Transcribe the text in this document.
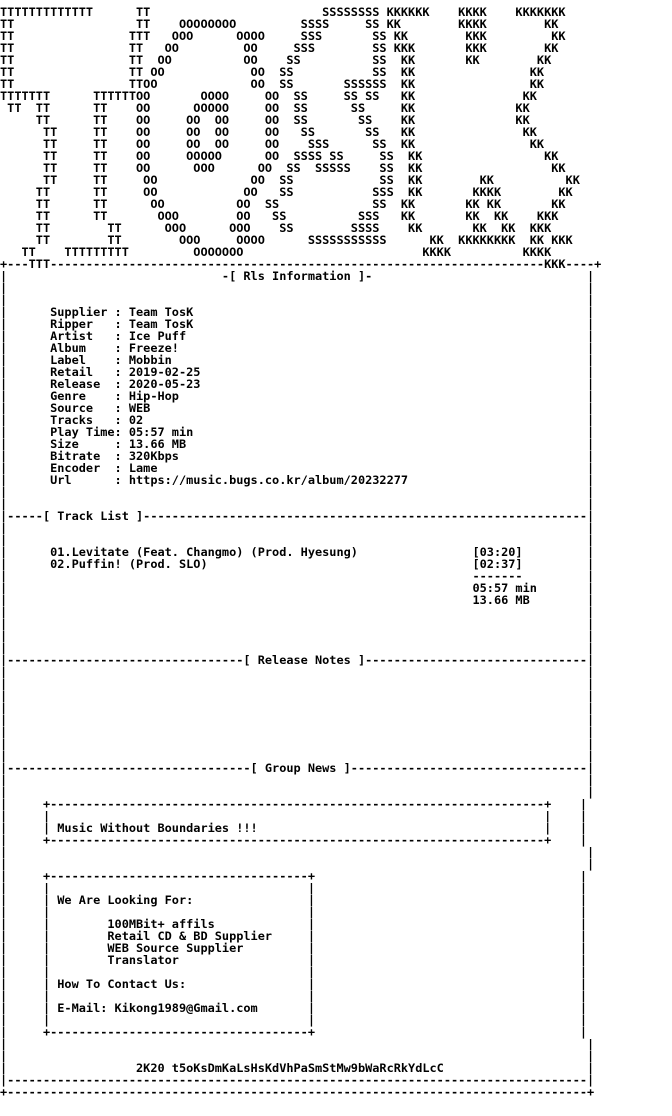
TTTTTTTTTTTTT      TT                        SSSSSSSS KKKKKK    KKKK    KKKKKKK
TT                 TT    OOOOOOOO         SSSS     SS KK        KKKK        KK
TT                TTT   OOO      OOOO     SSS       SS KK        KKK         KK
TT                TT   OO         OO     SSS        SS KKK       KKK        KK
TT                TT  OO          OO    SS          SS  KK       KK        KK
TT                TT OO            OO  SS           SS  KK                KK
TT                TTOO             OO  SS       SSSSSS  KK                KK
TTTTTTT      TTTTTTOO       OOOO     OO  SS     SS SS   KK               KK
TT  TT      TT    OO      OOOOO     OO  SS      SS     KK              KK
TT      TT    OO     OO  OO     OO  SS       SS    KK              KK
TT     TT    OO     OO  OO     OO   SS       SS   KK               KK
TT     TT    OO     OO  OO     OO    SSS      SS  KK                KK
TT     TT    OO     OOOOO      OO  SSSS SS     SS  KK                 KK
TT     TT    OO      OOO      OO  SS  SSSSS    SS  KK                  KK
TT     TT     OO             OO  SS            SS  KK        KK          KK
TT      TT     OO            OO   SS           SSS  KK       KKKK        KK
TT      TT      OO          OO  SS             SS  KK       KK KK       KK
TT      TT       OOO        OO   SS          SSS   KK       KK  KK    KKK
TT        TT      OOO      OOO    SS        SSSS    KK       KK  KK  KKK
TT        TT        OOO     OOOO      SSSSSSSSSSS      KK  KKKKKKKK  KK KKK
TT    TTTTTTTTT         OOOOOOO                         KKKK          KKKK
+---TTT---------------------------------------------------------------------KKK----+
|                              -[ Rls Information ]-                              |
|                                                                                 |
|                                                                                 |
|      Supplier : Team TosK                                                       |
|      Ripper   : Team TosK                                                       |
|      Artist   : Ice Puff                                                        |
|      Album    : Freeze!                                                         |
|      Label    : Mobbin                                                          |
|      Retail   : 2019-02-25                                                      |
|      Release  : 2020-05-23                                                      |
|      Genre    : Hip-Hop                                                         |
|      Source   : WEB                                                             |
|      Tracks   : 02                                                              |
|      Play Time: 05:57 min                                                       |
|      Size     : 13.66 MB                                                        |
|      Bitrate  : 320Kbps                                                         |
|      Encoder  : Lame                                                            |
|      Url      : https://music.bugs.co.kr/album/20232277                         |
|                                                                                 |
|                                                                                 |
|-----[ Track List ]--------------------------------------------------------------|
|                                                                                 |
|                                                                                 |
|      01.Levitate (Feat. Changmo) (Prod. Hyesung)                [03:20]         |
|      02.Puffin! (Prod. SLO)                                     [02:37]         |
|                                                                 -------         |
|                                                                 05:57 min       |
|                                                                 13.66 MB        |
|                                                                                 |
|                                                                                 |
|                                                                                 |
|                                                                                 |
|---------------------------------[ Release Notes ]-------------------------------|
|                                                                                 |
|                                                                                 |
|                                                                                 |
|                                                                                 |
|                                                                                 |
|                                                                                 |
|                                                                                 |
|                                                                                 |
|----------------------------------[ Group News ]---------------------------------|
|                                                                                 |
|                                                                                 |
|     +---------------------------------------------------------------------+    |
|     |                                                                     |    |
|     | Music Without Boundaries !!!                                        |    |
|     +---------------------------------------------------------------------+    |
|                                                                                 |
|                                                                                 |
|     +------------------------------------+                                     |
|     |                                    |                                     |
|     | We Are Looking For:                |                                     |
|     |                                    |                                     |
|     |        100MBit+ affils             |                                     |
|     |        Retail CD & BD Supplier     |                                     |
|     |        WEB Source Supplier         |                                     |
|     |        Translator                  |                                     |
|     |                                    |                                     |
|     | How To Contact Us:                 |                                     |
|     |                                    |                                     |
|     | E-Mail: Kikong1989@Gmail.com       |                                     |
|     |                                    |                                     |
|     +------------------------------------+                                     |
|                                                                                 |
|                                                                                 |
|                  2K20 t5oKsDmKaLsHsKdVhPaSmStMw9bWaRcRkYdLcC                    |
|---------------------------------------------------------------------------------|
+---------------------------------------------------------------------------------+
